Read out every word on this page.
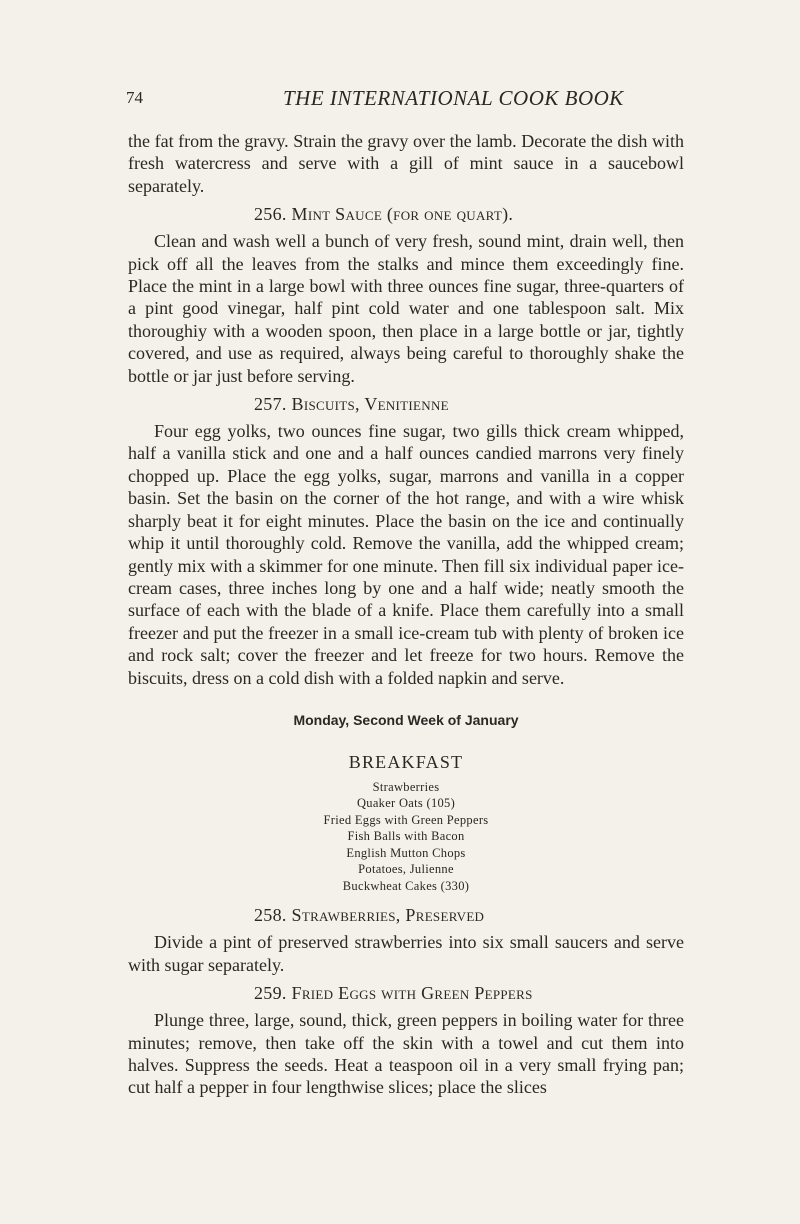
74	THE INTERNATIONAL COOK BOOK

the fat from the gravy. Strain the gravy over the lamb. Decorate the dish with fresh watercress and serve with a gill of mint sauce in a saucebowl separately.

256. Mint Sauce (for one quart).

Clean and wash well a bunch of very fresh, sound mint, drain well, then pick off all the leaves from the stalks and mince them exceedingly fine. Place the mint in a large bowl with three ounces fine sugar, three-quarters of a pint good vinegar, half pint cold water and one tablespoon salt. Mix thoroughiy with a wooden spoon, then place in a large bottle or jar, tightly covered, and use as required, always being careful to thoroughly shake the bottle or jar just before serving.

257. Biscuits, Venitienne

Four egg yolks, two ounces fine sugar, two gills thick cream whipped, half a vanilla stick and one and a half ounces candied marrons very finely chopped up. Place the egg yolks, sugar, marrons and vanilla in a copper basin. Set the basin on the corner of the hot range, and with a wire whisk sharply beat it for eight minutes. Place the basin on the ice and continually whip it until thoroughly cold. Remove the vanilla, add the whipped cream; gently mix with a skimmer for one minute. Then fill six individual paper ice-cream cases, three inches long by one and a half wide; neatly smooth the surface of each with the blade of a knife. Place them carefully into a small freezer and put the freezer in a small ice-cream tub with plenty of broken ice and rock salt; cover the freezer and let freeze for two hours. Remove the biscuits, dress on a cold dish with a folded napkin and serve.

Monday, Second Week of January
BREAKFAST
Strawberries
Quaker Oats (105)
Fried Eggs with Green Peppers
Fish Balls with Bacon
English Mutton Chops
Potatoes, Julienne
Buckwheat Cakes (330)
258. Strawberries, Preserved

Divide a pint of preserved strawberries into six small saucers and serve with sugar separately.

259. Fried Eggs with Green Peppers

Plunge three, large, sound, thick, green peppers in boiling water for three minutes; remove, then take off the skin with a towel and cut them into halves. Suppress the seeds. Heat a teaspoon oil in a very small frying pan; cut half a pepper in four lengthwise slices; place the slices
